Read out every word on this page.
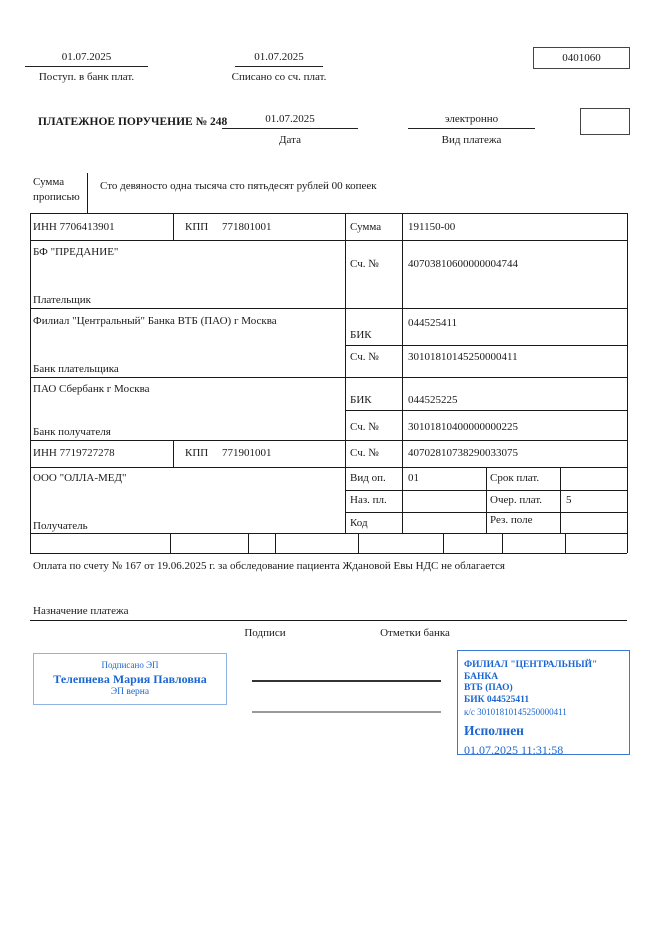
01.07.2025
Поступ. в банк плат.
01.07.2025
Списано со сч. плат.
0401060
ПЛАТЕЖНОЕ ПОРУЧЕНИЕ № 248	01.07.2025
Дата
электронно
Вид платежа
Сумма
прописью
Сто девяносто одна тысяча сто пятьдесят рублей 00 копеек
ИНН 7706413901	КПП 771801001	Сумма 191150-00
БФ "ПРЕДАНИЕ"
Плательщик
Сч. №	40703810600000004744
Филиал "Центральный" Банка ВТБ (ПАО) г Москва
Банк плательщика
БИК
044525411
Сч. №	30101810145250000411
ПАО Сбербанк г Москва
Банк получателя
БИК	044525225
Сч. №	30101810400000000225
ИНН 7719727278	КПП 771901001	Сч. №	40702810738290033075
ООО "ОЛЛА-МЕД"
Получатель
Вид оп. 01	Срок плат.
Наз. пл.	Очер. плат. 5
Код	Рез. поле
Оплата по счету № 167 от 19.06.2025 г. за обследование пациента Ждановой Евы НДС не облагается
Назначение платежа
Подписи	Отметки банка
Подписано ЭП
Телепнева Мария Павловна
ЭП верна
ФИЛИАЛ "ЦЕНТРАЛЬНЫЙ" БАНКА
ВТБ (ПАО)
БИК 044525411
к/с 30101810145250000411
Исполнен
01.07.2025 11:31:58
